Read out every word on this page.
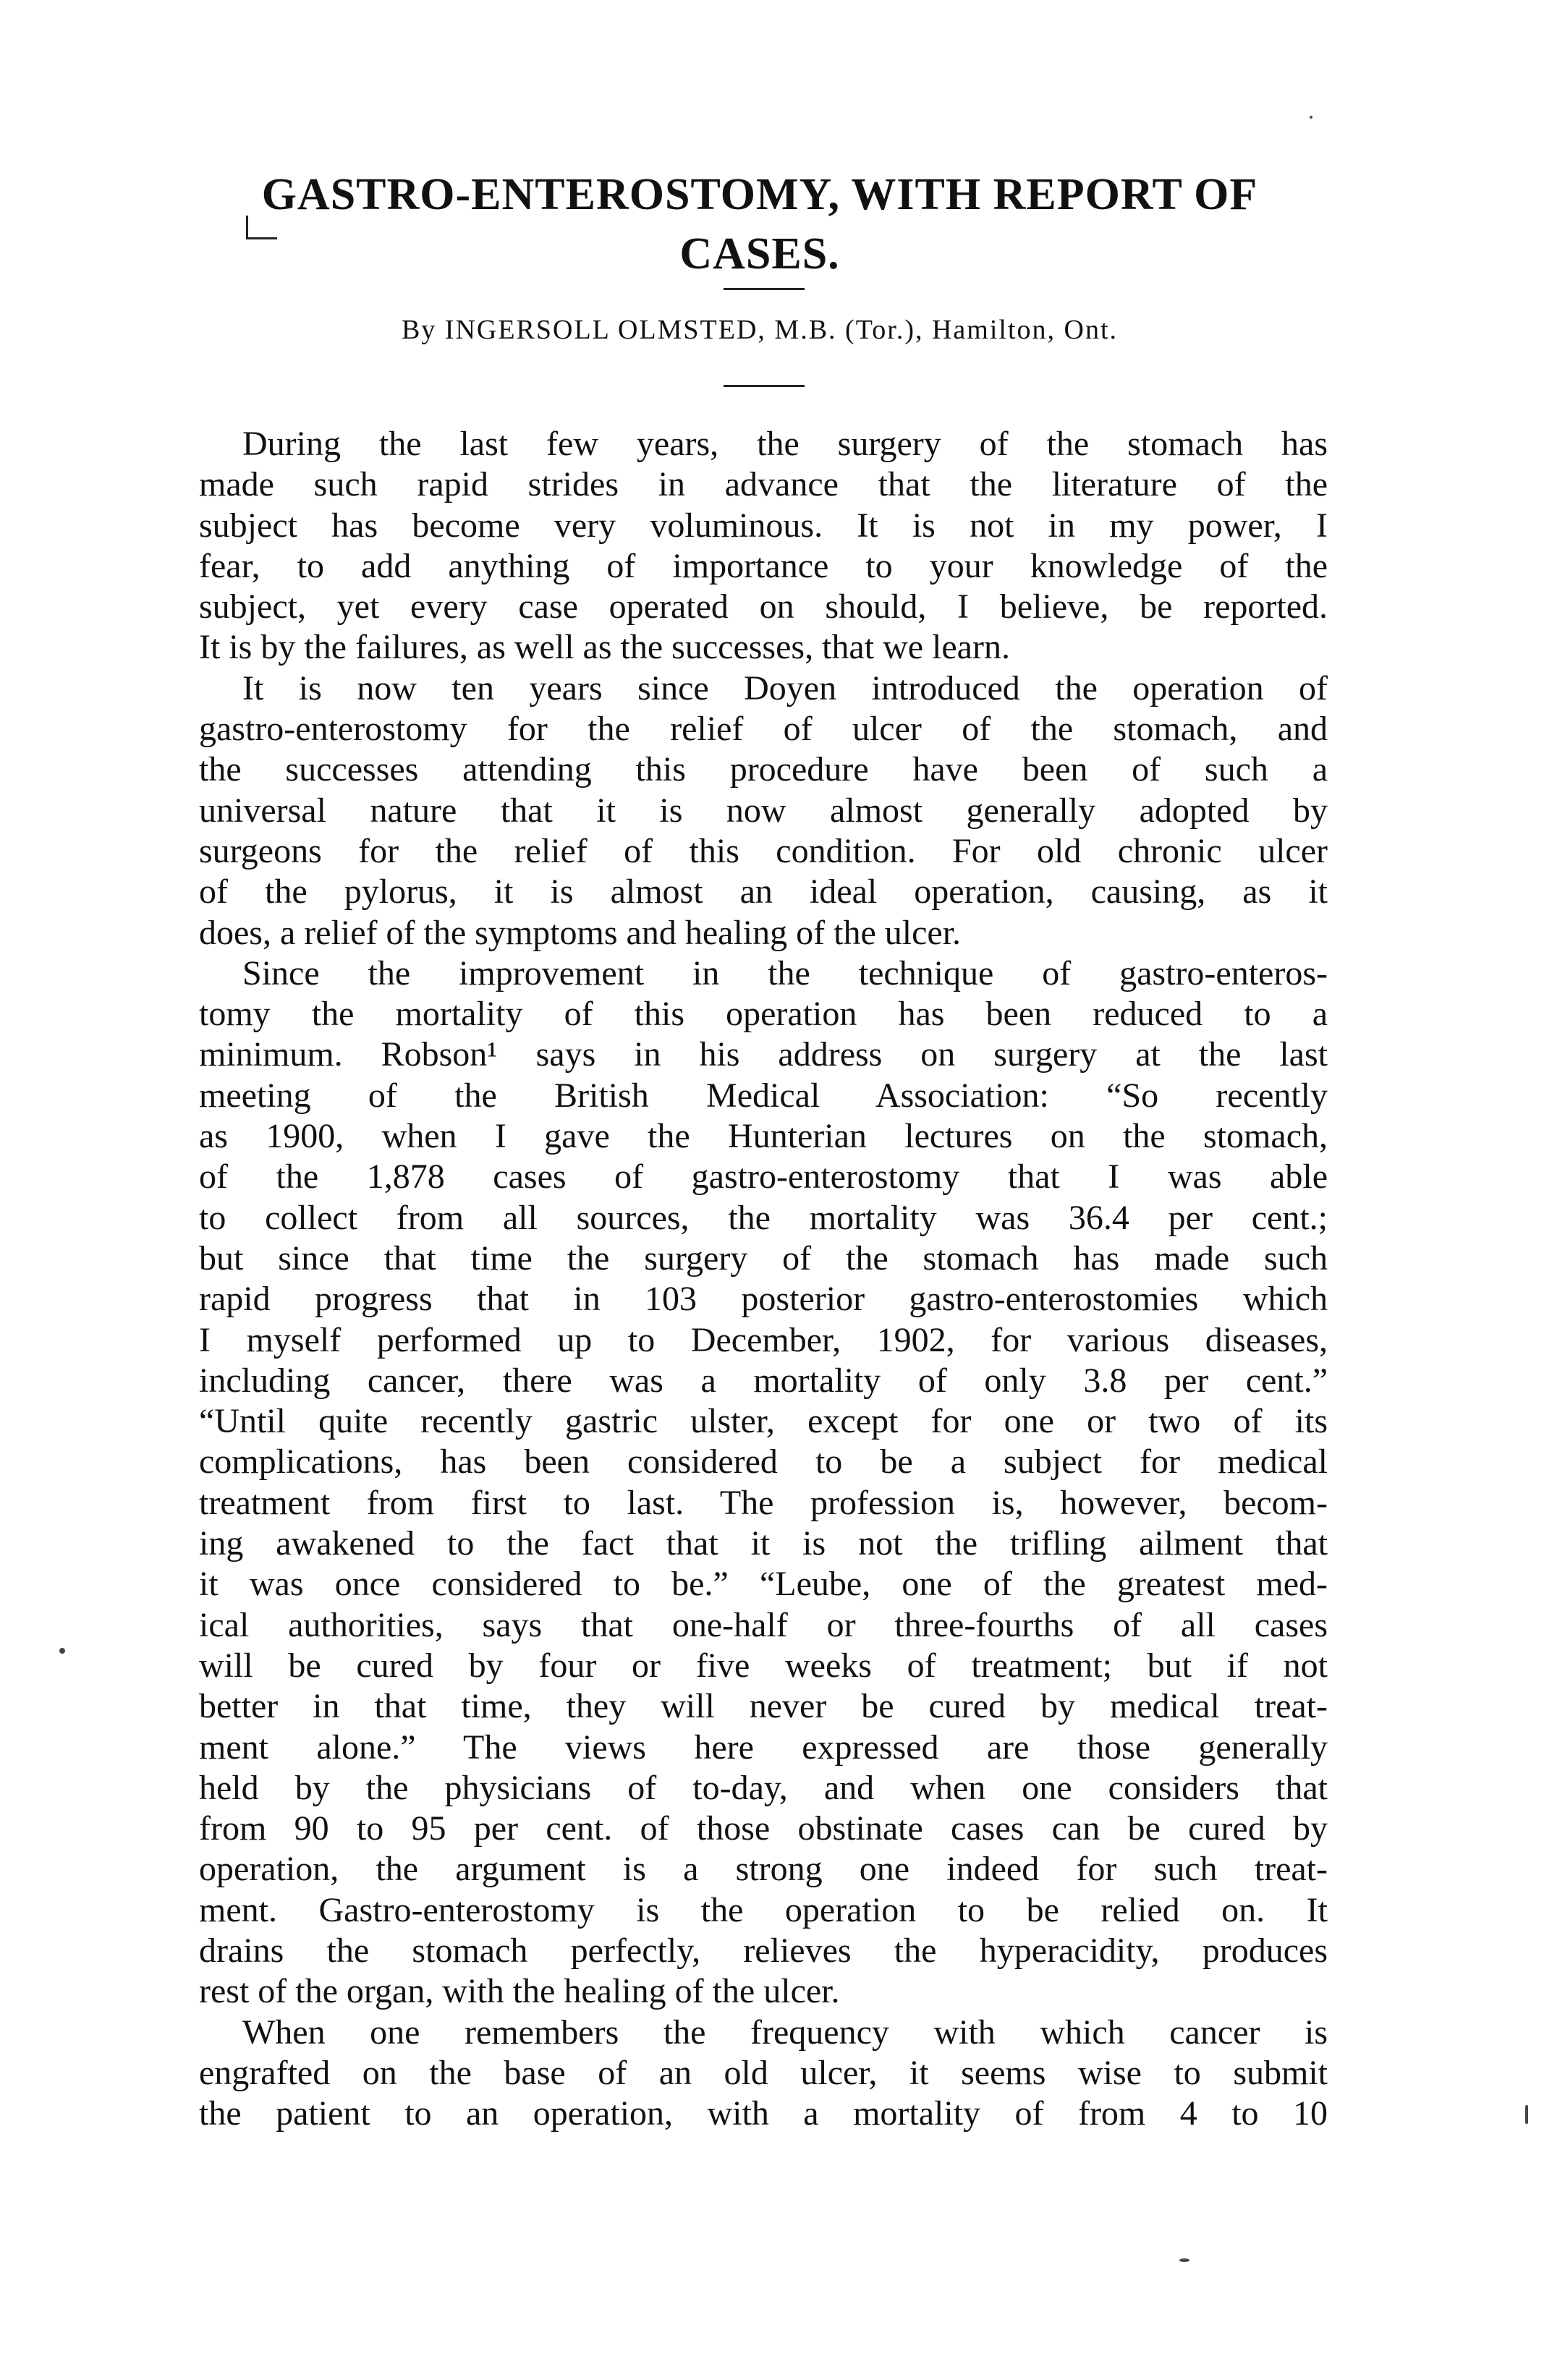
GASTRO-ENTEROSTOMY, WITH REPORT OF
CASES.
By INGERSOLL OLMSTED, M.B. (Tor.), Hamilton, Ont.
During the last few years, the surgery of the stomach has
made such rapid strides in advance that the literature of the
subject has become very voluminous. It is not in my power, I
fear, to add anything of importance to your knowledge of the
subject, yet every case operated on should, I believe, be reported.
It is by the failures, as well as the successes, that we learn.
It is now ten years since Doyen introduced the operation of
gastro-enterostomy for the relief of ulcer of the stomach, and
the successes attending this procedure have been of such a
universal nature that it is now almost generally adopted by
surgeons for the relief of this condition. For old chronic ulcer
of the pylorus, it is almost an ideal operation, causing, as it
does, a relief of the symptoms and healing of the ulcer.
Since the improvement in the technique of gastro-enteros-
tomy the mortality of this operation has been reduced to a
minimum. Robson¹ says in his address on surgery at the last
meeting of the British Medical Association: “So recently
as 1900, when I gave the Hunterian lectures on the stomach,
of the 1,878 cases of gastro-enterostomy that I was able
to collect from all sources, the mortality was 36.4 per cent.;
but since that time the surgery of the stomach has made such
rapid progress that in 103 posterior gastro-enterostomies which
I myself performed up to December, 1902, for various diseases,
including cancer, there was a mortality of only 3.8 per cent.”
“Until quite recently gastric ulster, except for one or two of its
complications, has been considered to be a subject for medical
treatment from first to last. The profession is, however, becom-
ing awakened to the fact that it is not the trifling ailment that
it was once considered to be.” “Leube, one of the greatest med-
ical authorities, says that one-half or three-fourths of all cases
will be cured by four or five weeks of treatment; but if not
better in that time, they will never be cured by medical treat-
ment alone.” The views here expressed are those generally
held by the physicians of to-day, and when one considers that
from 90 to 95 per cent. of those obstinate cases can be cured by
operation, the argument is a strong one indeed for such treat-
ment. Gastro-enterostomy is the operation to be relied on. It
drains the stomach perfectly, relieves the hyperacidity, produces
rest of the organ, with the healing of the ulcer.
When one remembers the frequency with which cancer is
engrafted on the base of an old ulcer, it seems wise to submit
the patient to an operation, with a mortality of from 4 to 10
